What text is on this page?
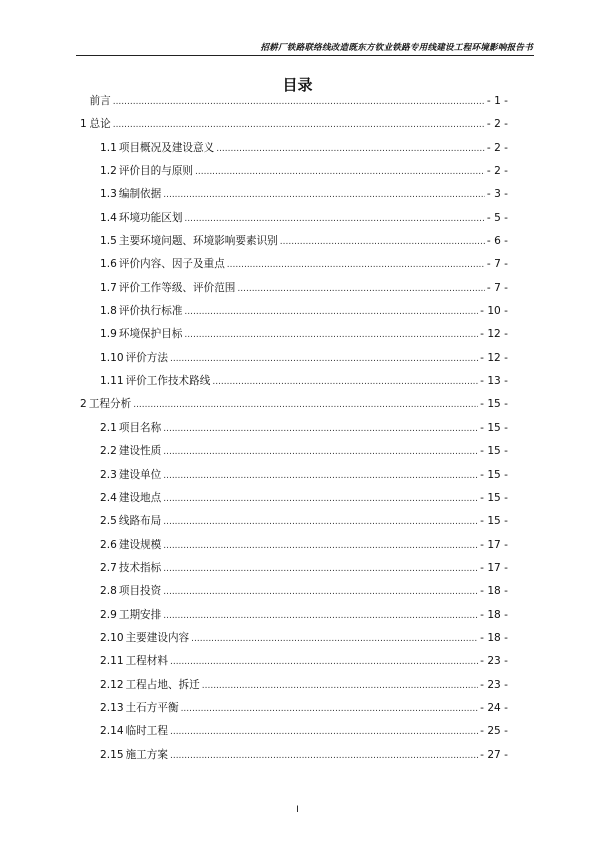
招耕厂铁路联络线改造既东方钦业铁路专用线建设工程环境影响报告书
目录
前言 .....	- 1 -
1 总论 .....	- 2 -
1.1 项目概况及建设意义 .....	- 2 -
1.2 评价目的与原则 .....	- 2 -
1.3 编制依据 .....	- 3 -
1.4 环境功能区划 .....	- 5 -
1.5 主要环境问题、环境影响要素识别 .....	- 6 -
1.6 评价内容、因子及重点 .....	- 7 -
1.7 评价工作等级、评价范围 .....	- 7 -
1.8 评价执行标准 .....	- 10 -
1.9 环境保护目标 .....	- 12 -
1.10 评价方法 .....	- 12 -
1.11 评价工作技术路线 .....	- 13 -
2 工程分析 .....	- 15 -
2.1 项目名称 .....	- 15 -
2.2 建设性质 .....	- 15 -
2.3 建设单位 .....	- 15 -
2.4 建设地点 .....	- 15 -
2.5 线路布局 .....	- 15 -
2.6 建设规模 .....	- 17 -
2.7 技术指标 .....	- 17 -
2.8 项目投资 .....	- 18 -
2.9 工期安排 .....	- 18 -
2.10 主要建设内容 .....	- 18 -
2.11 工程材料 .....	- 23 -
2.12 工程占地、拆迁 .....	- 23 -
2.13 土石方平衡 .....	- 24 -
2.14 临时工程 .....	- 25 -
2.15 施工方案 .....	- 27 -
I
